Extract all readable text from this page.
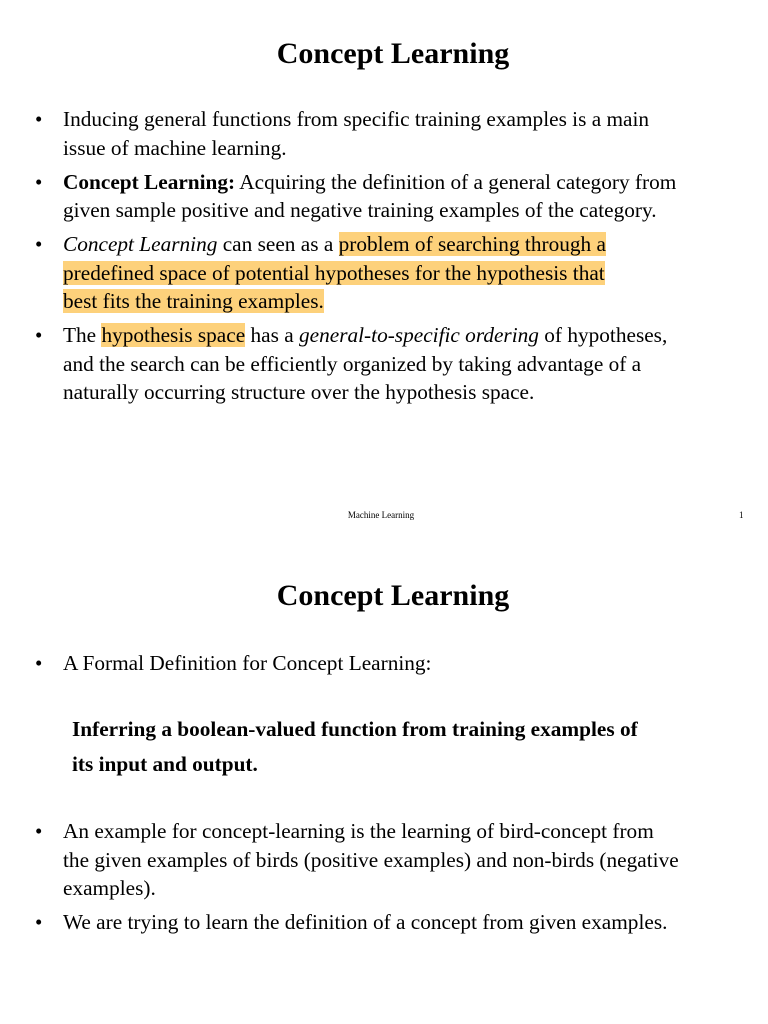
Concept Learning
• Inducing general functions from specific training examples is a main
issue of machine learning.
• Concept Learning: Acquiring the definition of a general category from
given sample positive and negative training examples of the category.
• Concept Learning can seen as a problem of searching through a
predefined space of potential hypotheses for the hypothesis that
best fits the training examples.
• The hypothesis space has a general-to-specific ordering of hypotheses,
and the search can be efficiently organized by taking advantage of a
naturally occurring structure over the hypothesis space.
Machine Learning	1
Concept Learning
• A Formal Definition for Concept Learning:
Inferring a boolean-valued function from training examples of
its input and output.
• An example for concept-learning is the learning of bird-concept from
the given examples of birds (positive examples) and non-birds (negative
examples).
• We are trying to learn the definition of a concept from given examples.
